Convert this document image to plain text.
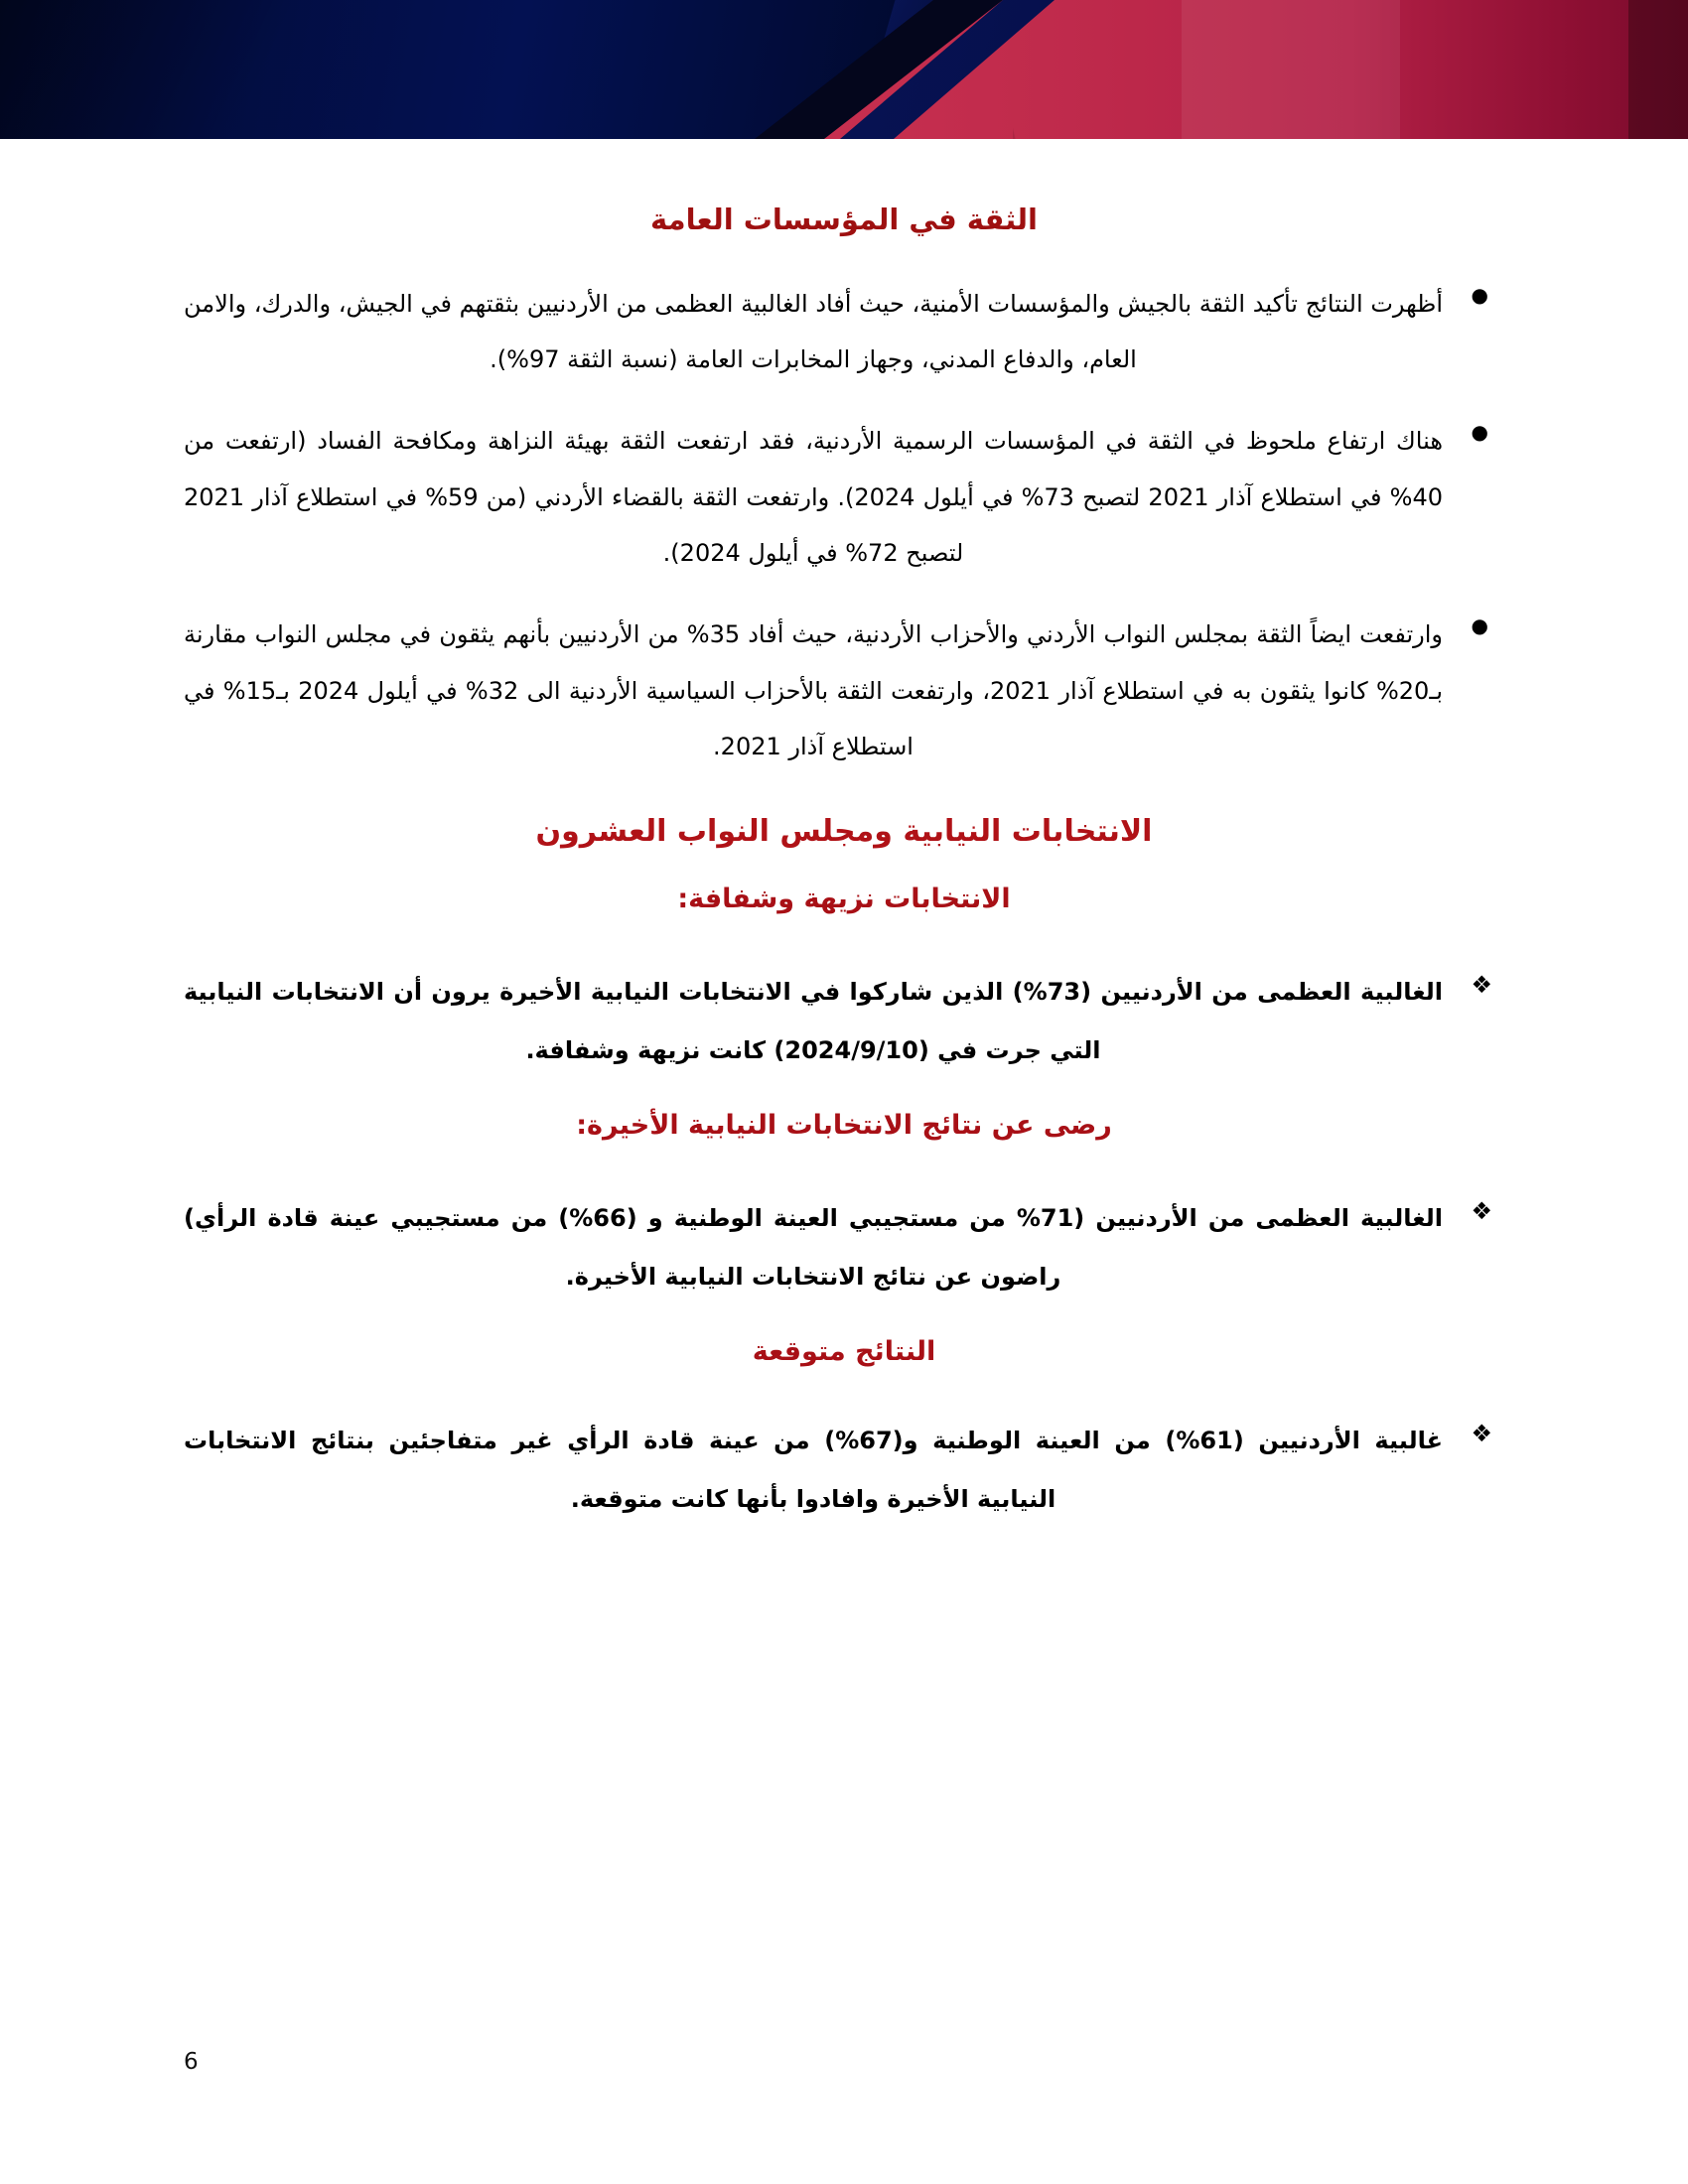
الثقة في المؤسسات العامة
● أظهرت النتائج تأكيد الثقة بالجيش والمؤسسات الأمنية، حيث أفاد الغالبية العظمى من الأردنيين بثقتهم في الجيش، والدرك، والامن العام، والدفاع المدني، وجهاز المخابرات العامة (نسبة الثقة 97%).
● هناك ارتفاع ملحوظ في الثقة في المؤسسات الرسمية الأردنية، فقد ارتفعت الثقة بهيئة النزاهة ومكافحة الفساد (ارتفعت من 40% في استطلاع آذار 2021 لتصبح 73% في أيلول 2024). وارتفعت الثقة بالقضاء الأردني (من 59% في استطلاع آذار 2021 لتصبح 72% في أيلول 2024).
● وارتفعت ايضاً الثقة بمجلس النواب الأردني والأحزاب الأردنية، حيث أفاد 35% من الأردنيين بأنهم يثقون في مجلس النواب مقارنة بـ20% كانوا يثقون به في استطلاع آذار 2021، وارتفعت الثقة بالأحزاب السياسية الأردنية الى 32% في أيلول 2024 بـ15% في استطلاع آذار 2021.
الانتخابات النيابية ومجلس النواب العشرون
الانتخابات نزيهة وشفافة:
❖ الغالبية العظمى من الأردنيين (73%) الذين شاركوا في الانتخابات النيابية الأخيرة يرون أن الانتخابات النيابية التي جرت في (2024/9/10) كانت نزيهة وشفافة.
رضى عن نتائج الانتخابات النيابية الأخيرة:
❖ الغالبية العظمى من الأردنيين (71% من مستجيبي العينة الوطنية و (66%) من مستجيبي عينة قادة الرأي) راضون عن نتائج الانتخابات النيابية الأخيرة.
النتائج متوقعة
❖ غالبية الأردنيين (61%) من العينة الوطنية و(67%) من عينة قادة الرأي غير متفاجئين بنتائج الانتخابات النيابية الأخيرة وافادوا بأنها كانت متوقعة.
6
